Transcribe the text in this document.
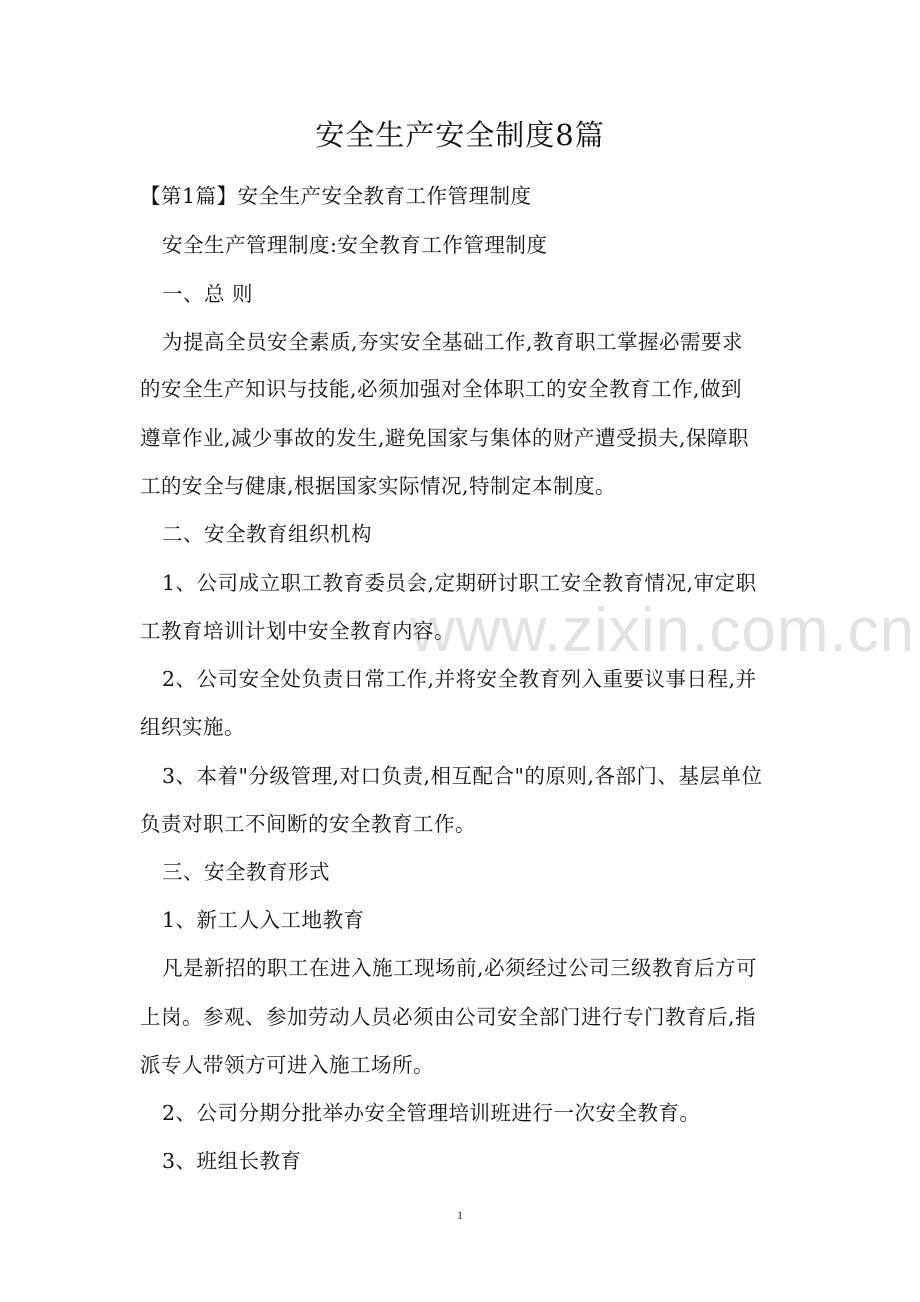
www.zixin.com.cn
安全生产安全制度8篇
【第1篇】安全生产安全教育工作管理制度
安全生产管理制度:安全教育工作管理制度
一、总 则
为提高全员安全素质,夯实安全基础工作,教育职工掌握必需要求
的安全生产知识与技能,必须加强对全体职工的安全教育工作,做到
遵章作业,减少事故的发生,避免国家与集体的财产遭受损夫,保障职
工的安全与健康,根据国家实际情况,特制定本制度。
二、安全教育组织机构
1、公司成立职工教育委员会,定期研讨职工安全教育情况,审定职
工教育培训计划中安全教育内容。
2、公司安全处负责日常工作,并将安全教育列入重要议事日程,并
组织实施。
3、本着"分级管理,对口负责,相互配合"的原则,各部门、基层单位
负责对职工不间断的安全教育工作。
三、安全教育形式
1、新工人入工地教育
凡是新招的职工在进入施工现场前,必须经过公司三级教育后方可
上岗。参观、参加劳动人员必须由公司安全部门进行专门教育后,指
派专人带领方可进入施工场所。
2、公司分期分批举办安全管理培训班进行一次安全教育。
3、班组长教育
1
